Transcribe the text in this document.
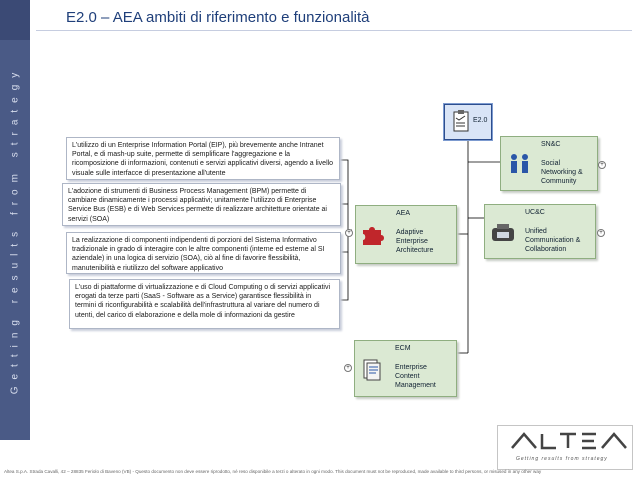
Getting results from strategy
E2.0 – AEA ambiti di riferimento e funzionalità
L'utilizzo di un Enterprise Information Portal (EIP), più brevemente anche Intranet Portal, e di mash-up suite, permette di semplificare l'aggregazione e la ricomposizione di informazioni, contenuti e servizi applicativi diversi, agendo a livello visuale sulle interfacce di presentazione all'utente
L'adozione di strumenti di Business Process Management (BPM) permette di cambiare dinamicamente i processi applicativi; unitamente l'utilizzo di Enterprise Service Bus (ESB) e di Web Services permette di realizzare architetture orientate ai servizi (SOA)
La realizzazione di componenti indipendenti di porzioni del Sistema Informativo tradizionale in grado di interagire con le altre componenti (interne ed esterne al SI aziendale) in una logica di servizio (SOA), ciò al fine di favorire flessibilità, manutenibilità e riutilizzo del software applicativo
L'uso di piattaforme di virtualizzazione e di Cloud Computing o di servizi applicativi erogati da terze parti (SaaS - Software as a Service) garantisce flessibilità in termini di riconfigurabilità e scalabilità dell'infrastruttura al variare del numero di utenti, del carico di elaborazione e della mole di informazioni da gestire
E2.0
SN&C
Social
Networking &
Community
+
UC&C
Unified
Communication &
Collaboration
+
AEA
Adaptive
Enterprise
Architecture
+
ECM
Enterprise
Content
Management
+
Getting results from strategy
Altea S.p.A. Strada Cavalli, 42 – 28835 Feriolo di Baveno (VB) - Questo documento non deve essere riprodotto, né reso disponibile a terzi o alterato in ogni modo. This document must not be reproduced, made available to third persons, or misused in any other way
